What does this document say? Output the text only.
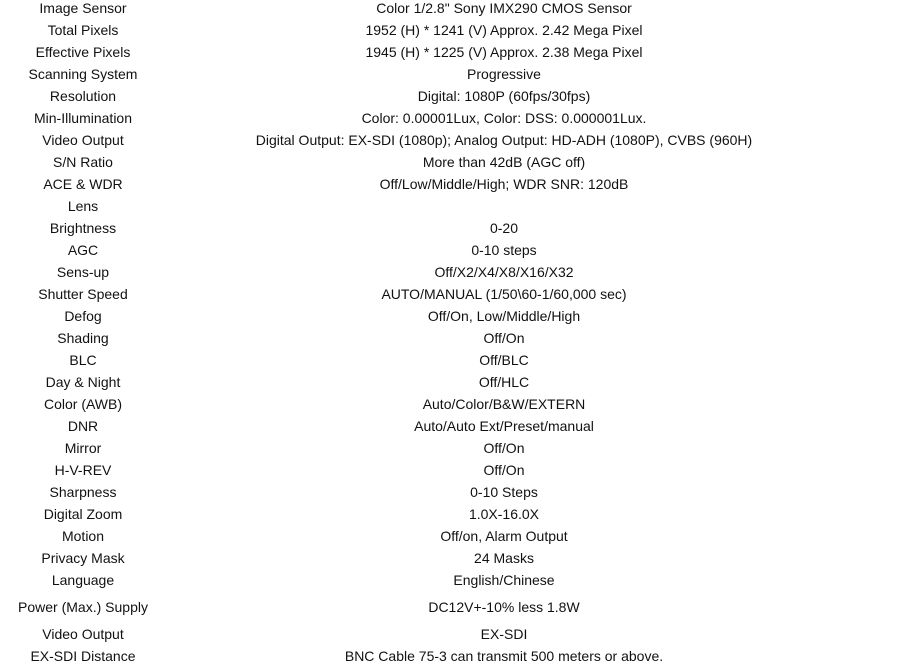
Image Sensor	Color 1/2.8" Sony IMX290 CMOS Sensor	
Total Pixels	1952 (H) * 1241 (V) Approx. 2.42 Mega Pixel	
Effective Pixels	1945 (H) * 1225 (V) Approx. 2.38 Mega Pixel	
Scanning System	Progressive	
Resolution	Digital: 1080P (60fps/30fps)	
Min-Illumination	Color: 0.00001Lux, Color: DSS: 0.000001Lux.	
Video Output	Digital Output: EX-SDI (1080p); Analog Output: HD-ADH (1080P), CVBS (960H)	
S/N Ratio	More than 42dB (AGC off)	
ACE & WDR	Off/Low/Middle/High; WDR SNR: 120dB	
Lens		
Brightness	0-20	
AGC	0-10 steps	
Sens-up	Off/X2/X4/X8/X16/X32	
Shutter Speed	AUTO/MANUAL (1/50\60-1/60,000 sec)	
Defog	Off/On, Low/Middle/High	
Shading	Off/On	
BLC	Off/BLC	
Day & Night	Off/HLC	
Color (AWB)	Auto/Color/B&W/EXTERN	
DNR	Auto/Auto Ext/Preset/manual	
Mirror	Off/On	
H-V-REV	Off/On	
Sharpness	0-10 Steps	
Digital Zoom	1.0X-16.0X	
Motion	Off/on, Alarm Output	
Privacy Mask	24 Masks	
Language	English/Chinese	
Power (Max.) Supply	DC12V+-10% less 1.8W	
Video Output	EX-SDI	
EX-SDI Distance	BNC Cable 75-3 can transmit 500 meters or above.	
